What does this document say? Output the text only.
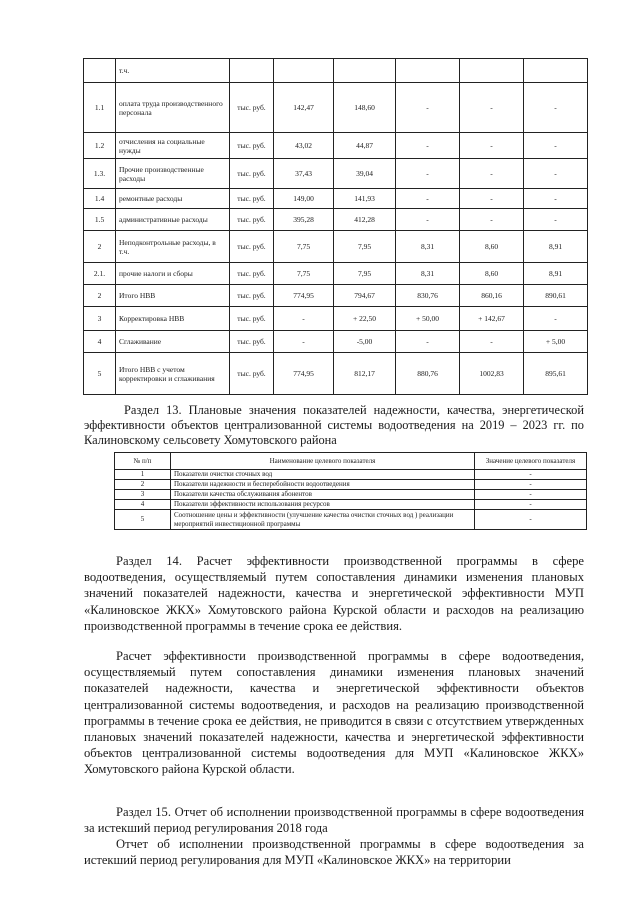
	т.ч.						
1.1	оплата труда производственного персонала	тыс. руб.	142,47	148,60	-	-	-
1.2	отчисления на социальные нужды	тыс. руб.	43,02	44,87	-	-	-
1.3.	Прочие производственные расходы	тыс. руб.	37,43	39,04	-	-	-
1.4	ремонтные расходы	тыс. руб.	149,00	141,93	-	-	-
1.5	административные расходы	тыс. руб.	395,28	412,28	-	-	-
2	Неподконтрольные расходы, в т.ч.	тыс. руб.	7,75	7,95	8,31	8,60	8,91
2.1.	прочие налоги и сборы	тыс. руб.	7,75	7,95	8,31	8,60	8,91
2	Итого НВВ	тыс. руб.	774,95	794,67	830,76	860,16	890,61
3	Корректировка НВВ	тыс. руб.	-	+ 22,50	+ 50,00	+ 142,67	-
4	Сглаживание	тыс. руб.	-	-5,00	-	-	+ 5,00
5	Итого НВВ с учетом корректировки и сглаживания	тыс. руб.	774,95	812,17	880,76	1002,83	895,61
Раздел 13. Плановые значения показателей надежности, качества, энергетической эффективности объектов централизованной системы водоотведения на 2019 – 2023 гг. по Калиновскому сельсовету Хомутовского района
№ п/п	Наименование целевого показателя	Значение целевого показателя
1	Показатели очистки сточных вод	-
2	Показатели надежности и бесперебойности водоотведения	-
3	Показатели качества обслуживания абонентов	-
4	Показатели эффективности использования ресурсов	-
5	Соотношение цены и эффективности (улучшение качества очистки сточных вод ) реализации мероприятий инвестиционной программы	-
Раздел 14. Расчет эффективности производственной программы в сфере водоотведения, осуществляемый путем сопоставления динамики изменения плановых значений показателей надежности, качества и энергетической эффективности МУП «Калиновское ЖКХ» Хомутовского района Курской области и расходов на реализацию производственной программы в течение срока ее действия.
Расчет эффективности производственной программы в сфере водоотведения, осуществляемый путем сопоставления динамики изменения плановых значений показателей надежности, качества и энергетической эффективности объектов централизованной системы водоотведения, и расходов на реализацию производственной программы в течение срока ее действия, не приводится в связи с отсутствием утвержденных плановых значений показателей надежности, качества и энергетической эффективности объектов централизованной системы водоотведения для МУП «Калиновское ЖКХ» Хомутовского района Курской области.
Раздел 15. Отчет об исполнении производственной программы в сфере водоотведения за истекший период регулирования 2018 года
Отчет об исполнении производственной программы в сфере водоотведения за истекший период регулирования для МУП «Калиновское ЖКХ» на территории
